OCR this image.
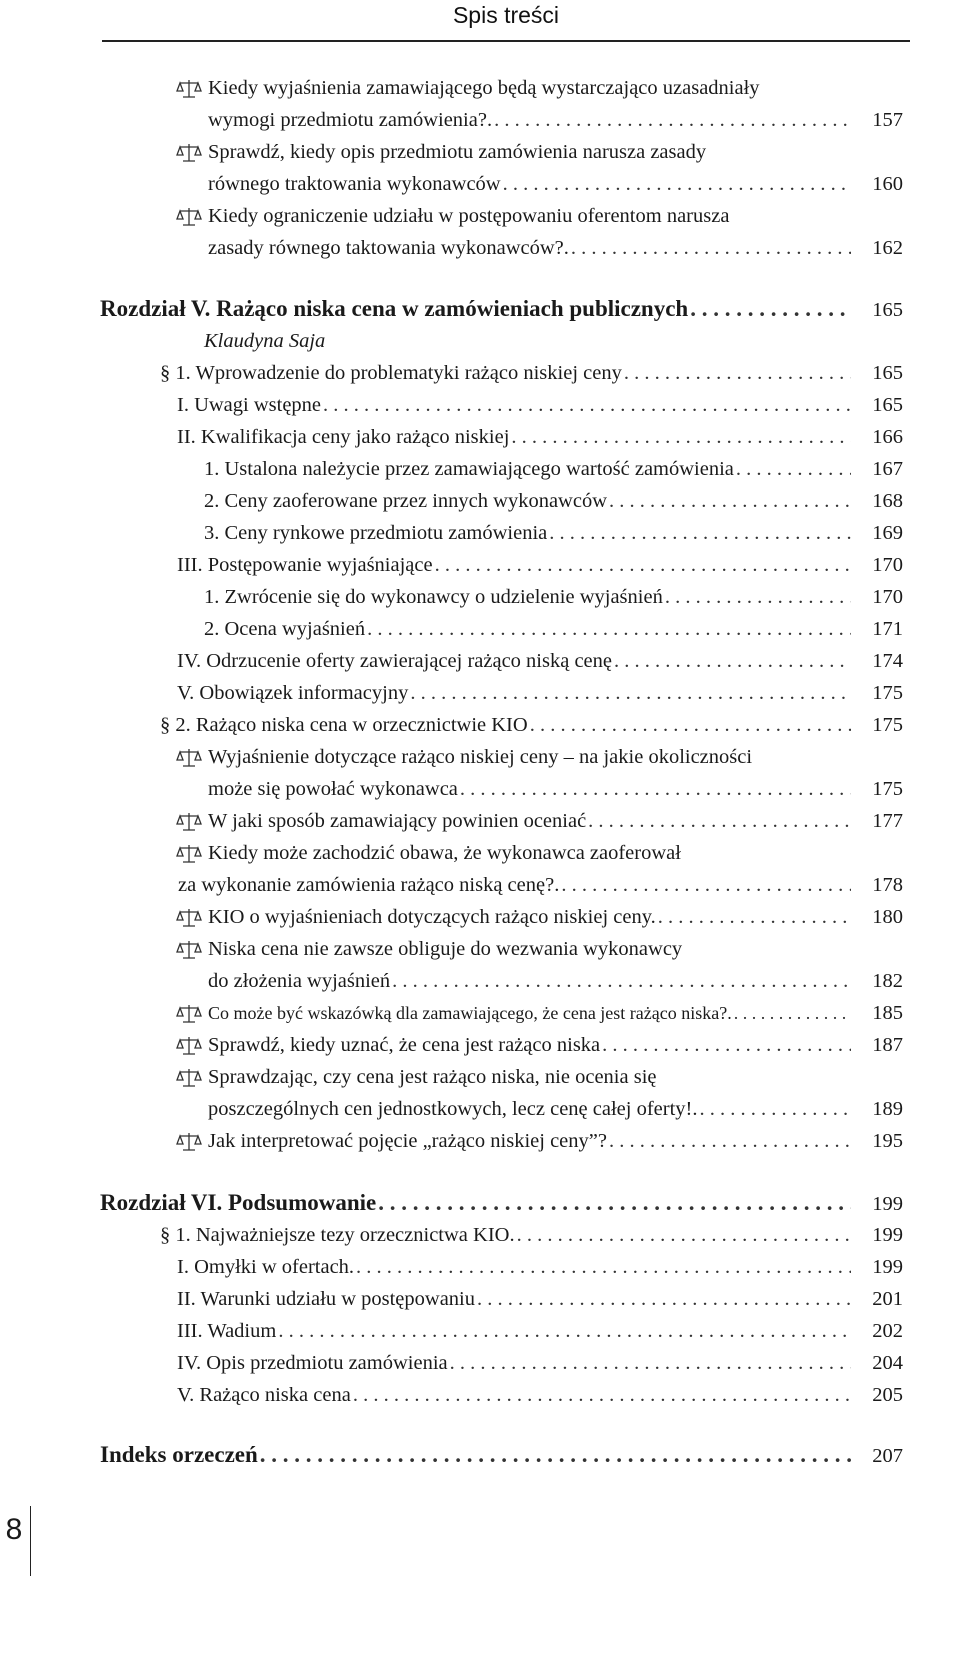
Spis treści
Kiedy wyjaśnienia zamawiającego będą wystarczająco uzasadniały
wymogi przedmiotu zamówienia?. . . .	157
Sprawdź, kiedy opis przedmiotu zamówienia narusza zasady
równego traktowania wykonawców . . .	160
Kiedy ograniczenie udziału w postępowaniu oferentom narusza
zasady równego taktowania wykonawców?. . . .	162
Rozdział V. Rażąco niska cena w zamówieniach publicznych . . .	165
Klaudyna Saja
§ 1. Wprowadzenie do problematyki rażąco niskiej ceny . . .	165
I. Uwagi wstępne . . .	165
II. Kwalifikacja ceny jako rażąco niskiej . . .	166
1. Ustalona należycie przez zamawiającego wartość zamówienia . . .	167
2. Ceny zaoferowane przez innych wykonawców . . .	168
3. Ceny rynkowe przedmiotu zamówienia . . .	169
III. Postępowanie wyjaśniające . . .	170
1. Zwrócenie się do wykonawcy o udzielenie wyjaśnień . . .	170
2. Ocena wyjaśnień . . .	171
IV. Odrzucenie oferty zawierającej rażąco niską cenę . . .	174
V. Obowiązek informacyjny . . .	175
§ 2. Rażąco niska cena w orzecznictwie KIO . . .	175
Wyjaśnienie dotyczące rażąco niskiej ceny – na jakie okoliczności
może się powołać wykonawca . . .	175
W jaki sposób zamawiający powinien oceniać . . .	177
Kiedy może zachodzić obawa, że wykonawca zaoferował
za wykonanie zamówienia rażąco niską cenę?. . . .	178
KIO o wyjaśnieniach dotyczących rażąco niskiej ceny. . . .	180
Niska cena nie zawsze obliguje do wezwania wykonawcy
do złożenia wyjaśnień . . .	182
Co może być wskazówką dla zamawiającego, że cena jest rażąco niska?. . . .	185
Sprawdź, kiedy uznać, że cena jest rażąco niska . . .	187
Sprawdzając, czy cena jest rażąco niska, nie ocenia się
poszczególnych cen jednostkowych, lecz cenę całej oferty!. . . .	189
Jak interpretować pojęcie „rażąco niskiej ceny”? . . .	195
Rozdział VI. Podsumowanie . . .	199
§ 1. Najważniejsze tezy orzecznictwa KIO. . . .	199
I. Omyłki w ofertach. . . .	199
II. Warunki udziału w postępowaniu . . .	201
III. Wadium . . .	202
IV. Opis przedmiotu zamówienia . . .	204
V. Rażąco niska cena . . .	205
Indeks orzeczeń . . .	207
8
